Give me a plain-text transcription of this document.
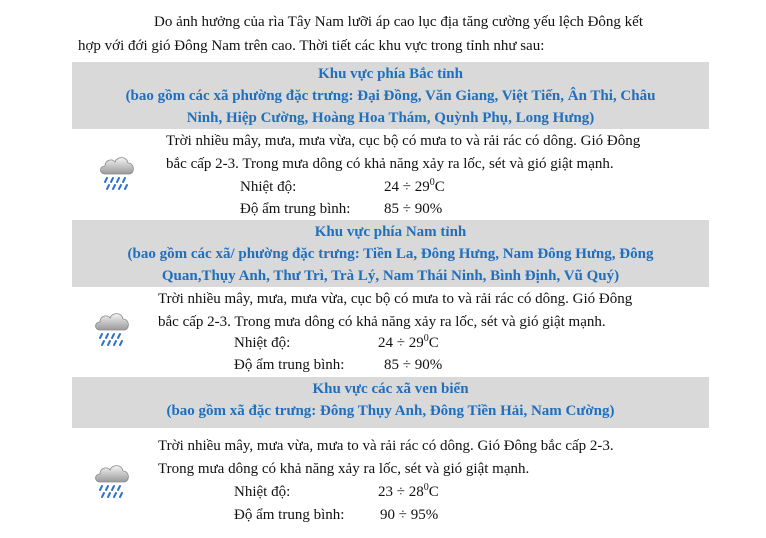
Do ảnh hưởng của rìa Tây Nam lưỡi áp cao lục địa tăng cường yếu lệch Đông kết
hợp với đới gió Đông Nam trên cao. Thời tiết các khu vực trong tỉnh như sau:

Khu vực phía Bắc tỉnh
(bao gồm các xã phường đặc trưng: Đại Đồng, Văn Giang, Việt Tiến, Ân Thi, Châu
Ninh, Hiệp Cường, Hoàng Hoa Thám, Quỳnh Phụ, Long Hưng)

Trời nhiều mây, mưa, mưa vừa, cục bộ có mưa to và rải rác có dông. Gió Đông
bắc cấp 2-3. Trong mưa dông có khả năng xảy ra lốc, sét và gió giật mạnh.

Nhiệt độ:	$24 \div 29^0C$
Độ ẩm trung bình: 85 ÷ 90%
Khu vực phía Nam tỉnh
(bao gồm các xã/ phường đặc trưng: Tiền La, Đông Hưng, Nam Đông Hưng, Đông
Quan,Thụy Anh, Thư Trì, Trà Lý, Nam Thái Ninh, Bình Định, Vũ Quý)

Trời nhiều mây, mưa, mưa vừa, cục bộ có mưa to và rải rác có dông. Gió Đông
bắc cấp 2-3. Trong mưa dông có khả năng xảy ra lốc, sét và gió giật mạnh.

Nhiệt độ:	$24 \div 29^0C$
Độ ẩm trung bình:	85 ÷ 90%
Khu vực các xã ven biển
(bao gồm xã đặc trưng: Đông Thụy Anh, Đông Tiền Hải, Nam Cường)

Trời nhiều mây, mưa vừa, mưa to và rải rác có dông. Gió Đông bắc cấp 2-3.
Trong mưa dông có khả năng xảy ra lốc, sét và gió giật mạnh.

Nhiệt độ:	$23 \div 28^0C$
Độ ẩm trung bình: 90 ÷ 95%
